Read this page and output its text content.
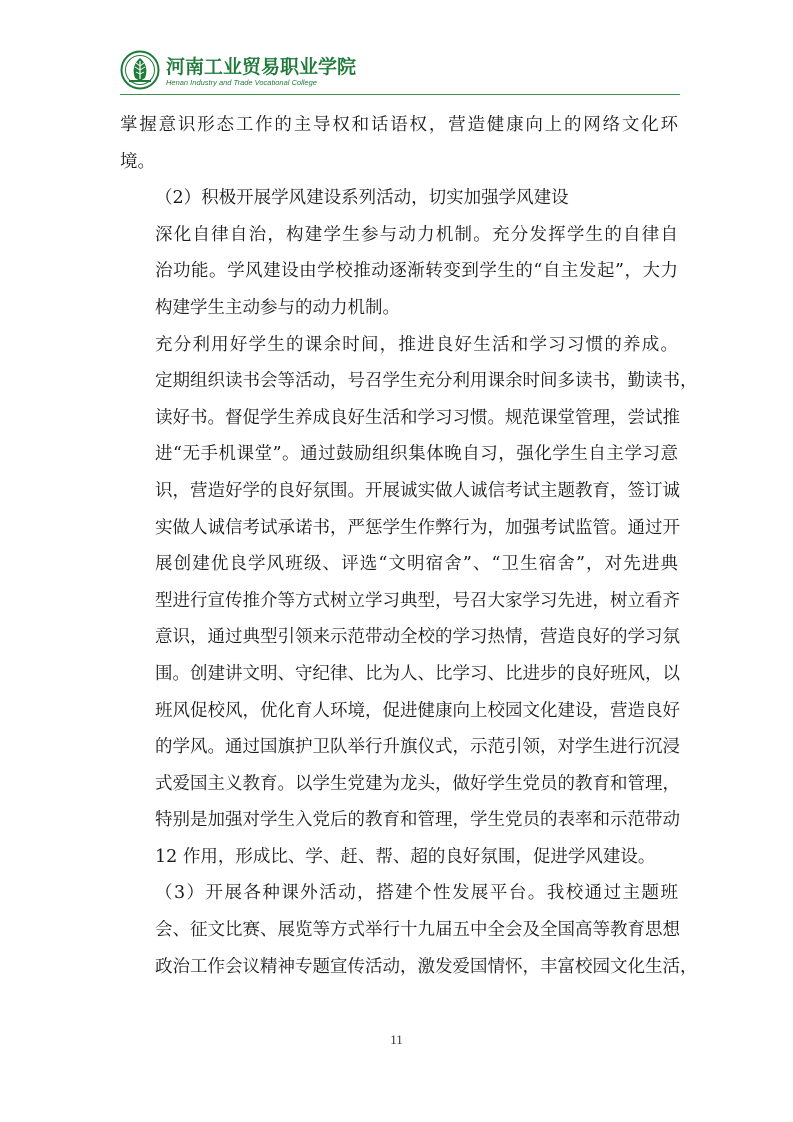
河南工业贸易职业学院
Henan Industry and Trade Vocational College

掌握意识形态工作的主导权和话语权，营造健康向上的网络文化环
境。

（2）积极开展学风建设系列活动，切实加强学风建设

深化自律自治，构建学生参与动力机制。充分发挥学生的自律自
治功能。学风建设由学校推动逐渐转变到学生的“自主发起”，大力
构建学生主动参与的动力机制。

充分利用好学生的课余时间，推进良好生活和学习习惯的养成。
定期组织读书会等活动，号召学生充分利用课余时间多读书，勤读书，
读好书。督促学生养成良好生活和学习习惯。规范课堂管理，尝试推
进“无手机课堂”。通过鼓励组织集体晚自习，强化学生自主学习意
识，营造好学的良好氛围。开展诚实做人诚信考试主题教育，签订诚
实做人诚信考试承诺书，严惩学生作弊行为，加强考试监管。通过开
展创建优良学风班级、评选“文明宿舍”、“卫生宿舍”，对先进典
型进行宣传推介等方式树立学习典型，号召大家学习先进，树立看齐
意识，通过典型引领来示范带动全校的学习热情，营造良好的学习氛
围。创建讲文明、守纪律、比为人、比学习、比进步的良好班风，以
班风促校风，优化育人环境，促进健康向上校园文化建设，营造良好
的学风。通过国旗护卫队举行升旗仪式，示范引领，对学生进行沉浸
式爱国主义教育。以学生党建为龙头，做好学生党员的教育和管理，
特别是加强对学生入党后的教育和管理，学生党员的表率和示范带动
12 作用，形成比、学、赶、帮、超的良好氛围，促进学风建设。

（3）开展各种课外活动，搭建个性发展平台。我校通过主题班
会、征文比赛、展览等方式举行十九届五中全会及全国高等教育思想
政治工作会议精神专题宣传活动，激发爱国情怀，丰富校园文化生活，

11
